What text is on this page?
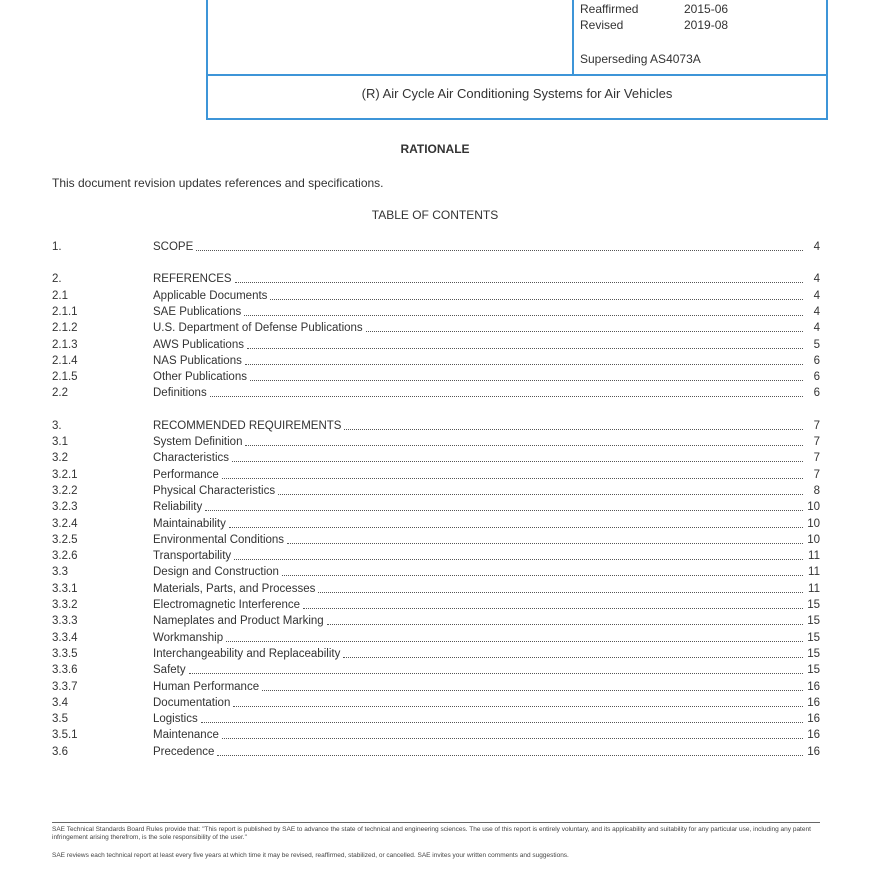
Reaffirmed	2015-06
Revised	2019-08
Superseding AS4073A
(R) Air Cycle Air Conditioning Systems for Air Vehicles
RATIONALE
This document revision updates references and specifications.
TABLE OF CONTENTS
1.	SCOPE	4
2.	REFERENCES	4
2.1	Applicable Documents	4
2.1.1	SAE Publications	4
2.1.2	U.S. Department of Defense Publications	4
2.1.3	AWS Publications	5
2.1.4	NAS Publications	6
2.1.5	Other Publications	6
2.2	Definitions	6
3.	RECOMMENDED REQUIREMENTS	7
3.1	System Definition	7
3.2	Characteristics	7
3.2.1	Performance	7
3.2.2	Physical Characteristics	8
3.2.3	Reliability	10
3.2.4	Maintainability	10
3.2.5	Environmental Conditions	10
3.2.6	Transportability	11
3.3	Design and Construction	11
3.3.1	Materials, Parts, and Processes	11
3.3.2	Electromagnetic Interference	15
3.3.3	Nameplates and Product Marking	15
3.3.4	Workmanship	15
3.3.5	Interchangeability and Replaceability	15
3.3.6	Safety	15
3.3.7	Human Performance	16
3.4	Documentation	16
3.5	Logistics	16
3.5.1	Maintenance	16
3.6	Precedence	16
SAE Technical Standards Board Rules provide that: "This report is published by SAE to advance the state of technical and engineering sciences. The use of this report is entirely voluntary, and its applicability and suitability for any particular use, including any patent infringement arising therefrom, is the sole responsibility of the user."
SAE reviews each technical report at least every five years at which time it may be revised, reaffirmed, stabilized, or cancelled. SAE invites your written comments and suggestions.
